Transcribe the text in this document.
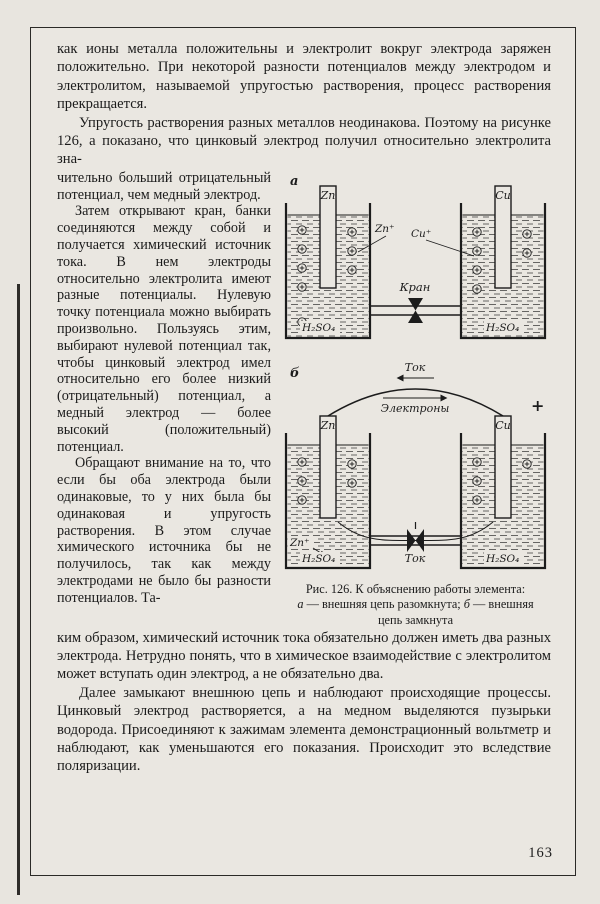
как ионы металла положительны и электролит вокруг электрода заряжен положительно. При некоторой разности потенциалов между электродом и электролитом, называемой упругостью растворения, процесс растворения прекращается.

Упругость растворения разных металлов неодинакова. Поэтому на рисунке 126, а показано, что цинковый электрод получил относительно электролита зна-

чительно больший отрицательный потенциал, чем медный электрод.

Затем открывают кран, банки соединяются между собой и получается химический источник тока. В нем электроды относительно электролита имеют разные потенциалы. Нулевую точку потенциала можно выбирать произвольно. Пользуясь этим, выбирают нулевой потенциал так, чтобы цинковый электрод имел относительно его более низкий (отрицательный) потенциал, а медный электрод — более высокий (положительный) потенциал.

Обращают внимание на то, что если бы оба электрода были одинаковые, то у них была бы одинаковая и упругость растворения. В этом случае химического источника бы не получилось, так как между электродами не было бы разности потенциалов. Та-

а
Zn	Cu
Zn⁺ Cu⁺
Кран
H₂SO₄	H₂SO₄
б	Ток
Электроны	+
Zn	Cu
Zn⁺
Ток
H₂SO₄	H₂SO₄
Рис. 126. К объяснению работы элемента:
а — внешняя цепь разомкнута; б — внешняя цепь замкнута

ким образом, химический источник тока обязательно должен иметь два разных электрода. Нетрудно понять, что в химическое взаимодействие с электролитом может вступать один электрод, а не обязательно два.

Далее замыкают внешнюю цепь и наблюдают происходящие процессы. Цинковый электрод растворяется, а на медном выделяются пузырьки водорода. Присоединяют к зажимам элемента демонстрационный вольтметр и наблюдают, как уменьшаются его показания. Происходит это вследствие поляризации.

163
